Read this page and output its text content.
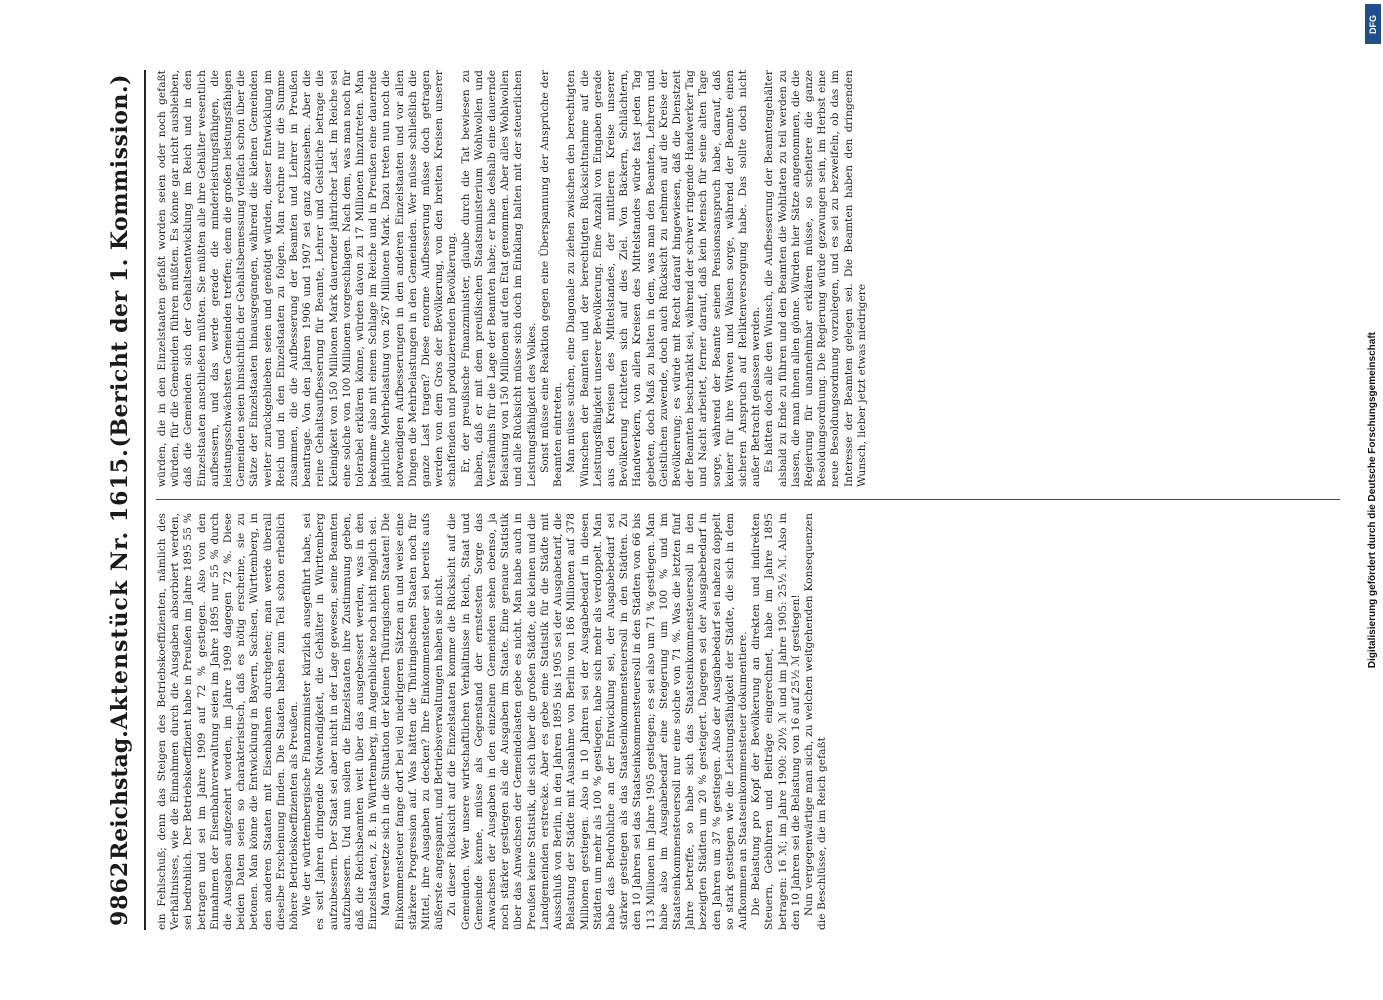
9862
Reichstag.
Aktenstück Nr. 1615.
(Bericht der 1. Kommission.)

ein Fehlschuß; denn das Steigen des Betriebskoeffizienten, nämlich des Verhältnisses, wie die Einnahmen durch die Ausgaben absorbiert werden, sei bedrohlich. Der Betriebskoeffizient habe in Preußen im Jahre 1895 55 % betragen und sei im Jahre 1909 auf 72 % gestiegen. Also von den Einnahmen der Eisenbahnverwaltung seien im Jahre 1895 nur 55 % durch die Ausgaben aufgezehrt worden, im Jahre 1909 dagegen 72 %. Diese beiden Daten seien so charakteristisch, daß es nötig erscheine, sie zu betonen. Man könne die Entwicklung in Bayern, Sachsen, Württemberg, in den anderen Staaten mit Eisenbahnen durchgehen; man werde überall dieselbe Erscheinung finden. Die Staaten haben zum Teil schon erheblich höhere Betriebskoeffizienten als Preußen. Wie der württembergische Finanzminister kürzlich ausgeführt habe, sei es seit Jahren dringende Notwendigkeit, die Gehälter in Württemberg aufzubessern. Der Staat sei aber nicht in der Lage gewesen, seine Beamten aufzubessern. Und nun sollen die Einzelstaaten ihre Zustimmung geben, daß die Reichsbeamten weit über das ausgebessert werden, was in den Einzelstaaten, z. B. in Württemberg, im Augenblicke noch nicht möglich sei. Man versetze sich in die Situation der kleinen Thüringischen Staaten! Die Einkommensteuer fange dort bei viel niedrigeren Sätzen an und weise eine stärkere Progression auf. Was hätten die Thüringischen Staaten noch für Mittel, ihre Ausgaben zu decken? Ihre Einkommensteuer sei bereits aufs äußerste angespannt, und Betriebsverwaltungen haben sie nicht. Zu dieser Rücksicht auf die Einzelstaaten komme die Rücksicht auf die Gemeinden. Wer unsere wirtschaftlichen Verhältnisse in Reich, Staat und Gemeinde kenne, müsse als Gegenstand der ernstesten Sorge das Anwachsen der Ausgaben in den einzelnen Gemeinden sehen ebenso, ja noch stärker gestiegen als die Ausgaben im Staate. Eine genaue Statistik über das Anwachsen der Gemeindelasten gebe es nicht. Man habe auch in Preußen keine Statistik, die sich über die großen Städte, die kleinen und die Landgemeinden erstrecke. Aber es gebe eine Statistik für die Städte mit Ausschluß von Berlin, in den Jahren 1895 bis 1905 sei der Ausgabetarif, die Belastung der Städte mit Ausnahme von Berlin von 186 Millionen auf 378 Millionen gestiegen. Also in 10 Jahren sei der Ausgabebedarf in diesen Städten um mehr als 100 % gestiegen, habe sich mehr als verdoppelt. Man habe das Bedrohliche an der Entwicklung sei, der Ausgabebedarf sei stärker gestiegen als das Staatseinkommensteuersoll in den Städten. Zu den 10 Jahren sei das Staatseinkommensteuersoll in den Städten von 66 bis 113 Millionen im Jahre 1905 gestiegen; es sei also um 71 % gestiegen. Man habe also im Ausgabebedarf eine Steigerung um 100 % und im Staatseinkommensteuersoll nur eine solche von 71 %. Was die letzten fünf Jahre betreffe, so habe sich das Staatseinkommensteuersoll in den bezeigten Städten um 20 % gesteigert. Dagegen sei der Ausgabebedarf in den Jahren um 37 % gestiegen. Also der Ausgabebedarf sei nahezu doppelt so stark gestiegen wie die Leistungsfähigkeit der Städte, die sich in dem Aufkommen an Staatseinkommensteuer dokumentiere. Die Belastung pro Kopf der Bevölkerung an direkten und indirekten Steuern, Gebühren und Beiträge eingerechnet, habe im Jahre 1895 betragen: 16 ℳ; im Jahre 1900: 20½ ℳ und im Jahre 1905: 25½ ℳ. Also in den 10 Jahren sei die Belastung von 16 auf 25½ ℳ gestiegen! Nun vergegenwärtige man sich, zu welchen weitgehenden Konsequenzen die Beschlüsse, die im Reich gefaßt

würden, die in den Einzelstaaten gefaßt worden seien oder noch gefaßt würden, für die Gemeinden führen müßten. Es könne gar nicht ausbleiben, daß die Gemeinden sich der Gehaltsentwicklung im Reich und in den Einzelstaaten anschließen müßten. Sie müßten alle ihre Gehälter wesentlich aufbessern, und das werde gerade die minderleistungsfähigen, die leistungsschwächsten Gemeinden treffen; denn die großen leistungsfähigen Gemeinden seien hinsichtlich der Gehaltsbemessung vielfach schon über die Sätze der Einzelstaaten hinausgegangen, während die kleinen Gemeinden weiter zurückgeblieben seien und genötigt würden, dieser Entwicklung im Reich und in den Einzelstaaten zu folgen. Man rechne nur die Summe zusammen, die die Aufbesserung der Beamten und Lehrer in Preußen beantrage. Von den Jahren 1906 und 1907 sei ganz abzusehen. Aber die reine Gehaltsaufbesserung für Beamte, Lehrer und Geistliche betrage die Kleinigkeit von 150 Millionen Mark dauernder jährlicher Last. Im Reiche sei eine solche von 100 Millionen vorgeschlagen. Nach dem, was man noch für tolerabel erklären könne, würden davon zu 17 Millionen hinzutreten. Man bekomme also mit einem Schlage im Reiche und in Preußen eine dauernde jährliche Mehrbelastung von 267 Millionen Mark. Dazu treten nun noch die notwendigen Aufbesserungen in den anderen Einzelstaaten und vor allen Dingen die Mehrbelastungen in den Gemeinden. Wer müsse schließlich die ganze Last tragen? Diese enorme Aufbesserung müsse doch getragen werden von dem Gros der Bevölkerung, von den breiten Kreisen unserer schaffenden und produzierenden Bevölkerung. Er, der preußische Finanzminister, glaube durch die Tat bewiesen zu haben, daß er mit dem preußischen Staatsministerium Wohlwollen und Verständnis für die Lage der Beamten habe; er habe deshalb eine dauernde Belastung von 150 Millionen auf den Etat genommen. Aber alles Wohlwollen und alle Rücksicht müsse sich doch im Einklang halten mit der steuerlichen Leistungsfähigkeit des Volkes. Sonst müsse eine Reaktion gegen eine Überspannung der Ansprüche der Beamten eintreten. Man müsse suchen, eine Diagonale zu ziehen zwischen den berechtigten Wünschen der Beamten und der berechtigten Rücksichtnahme auf die Leistungsfähigkeit unserer Bevölkerung. Eine Anzahl von Eingaben gerade aus den Kreisen des Mittelstandes, der mittleren Kreise unserer Bevölkerung richteten sich auf dies Ziel. Von Bäckern, Schlächtern, Handwerkern, von allen Kreisen des Mittelstandes würde fast jeden Tag gebeten, doch Maß zu halten in dem, was man den Beamten, Lehrern und Geistlichen zuwende, doch auch Rücksicht zu nehmen auf die Kreise der Bevölkerung; es würde mit Recht darauf hingewiesen, daß die Dienstzeit der Beamten beschränkt sei, während der schwer ringende Handwerker Tag und Nacht arbeitet, ferner darauf, daß kein Mensch für seine alten Tage sorge, während der Beamte seinen Pensionsanspruch habe, darauf, daß keiner für ihre Witwen und Waisen sorge, während der Beamte einen sicheren Anspruch auf Reliktenversorgung habe. Das sollte doch nicht außer Betracht gelassen werden. Es hätten doch alle den Wunsch, die Aufbesserung der Beamtengehälter alsbald zu Ende zu führen und den Beamten die Wohltaten zu teil werden zu lassen, die man ihnen allen gönne. Würden hier Sätze angenommen, die die Regierung für unannehmbar erklären müsse, so scheitere die ganze Besoldungsordnung. Die Regierung würde gezwungen sein, im Herbst eine neue Besoldungsordnung vorzulegen, und es sei zu bezweifeln, ob das im Interesse der Beamten gelegen sei. Die Beamten haben den dringenden Wunsch, lieber jetzt etwas niedrigere

DFG
Digitalisierung gefördert durch die Deutsche Forschungsgemeinschaft
